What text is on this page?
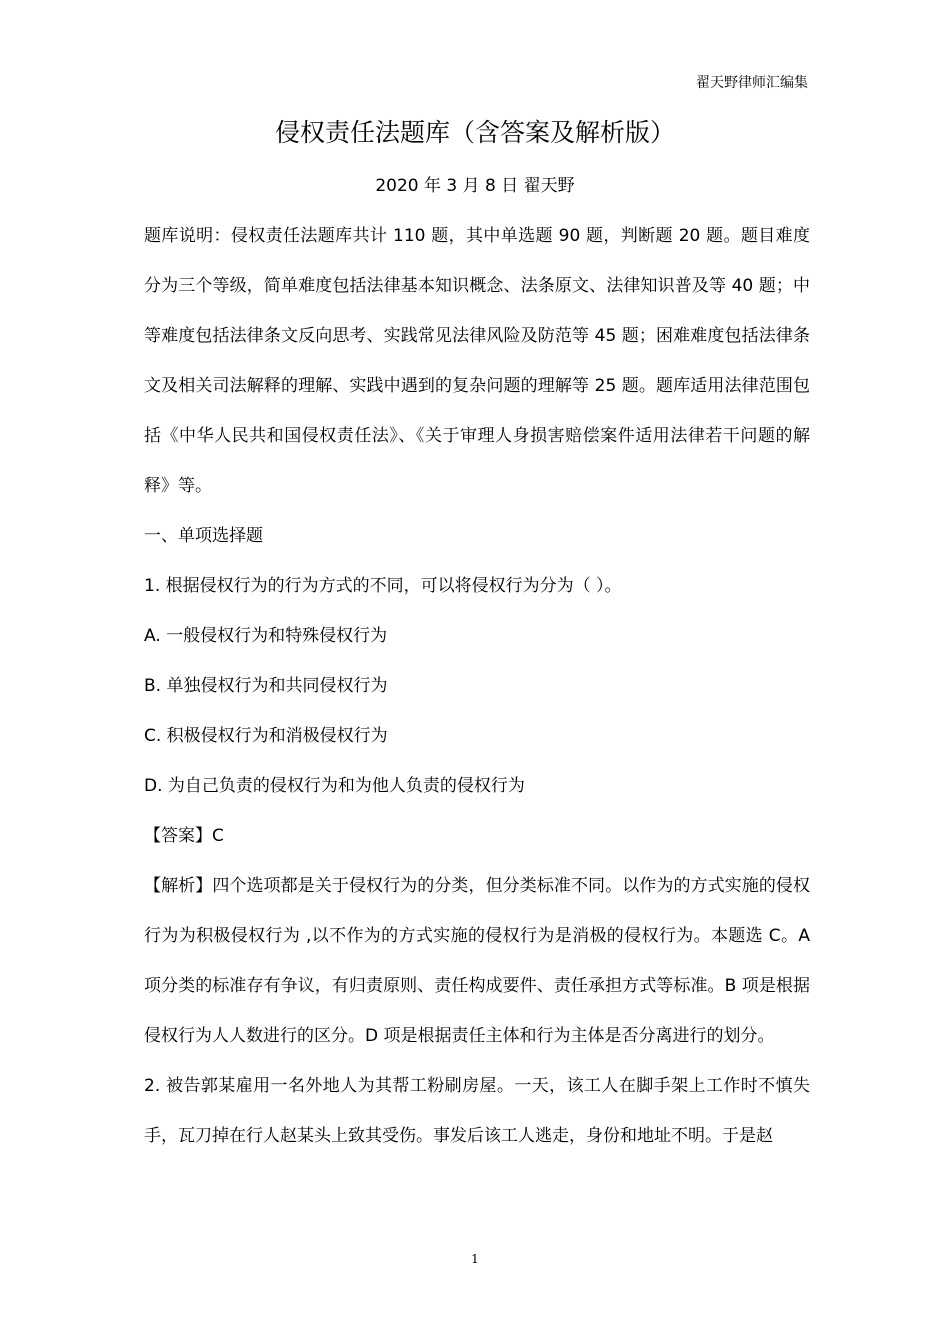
翟天野律师汇编集
侵权责任法题库（含答案及解析版）
2020 年 3 月 8 日 翟天野

题库说明：侵权责任法题库共计 110 题，其中单选题 90 题，判断题 20 题。题目难度分为三个等级，简单难度包括法律基本知识概念、法条原文、法律知识普及等 40 题；中等难度包括法律条文反向思考、实践常见法律风险及防范等 45 题；困难难度包括法律条文及相关司法解释的理解、实践中遇到的复杂问题的理解等 25 题。题库适用法律范围包括《中华人民共和国侵权责任法》、《关于审理人身损害赔偿案件适用法律若干问题的解释》等。

一、单项选择题

1. 根据侵权行为的行为方式的不同，可以将侵权行为分为（ ）。

A. 一般侵权行为和特殊侵权行为

B. 单独侵权行为和共同侵权行为

C. 积极侵权行为和消极侵权行为

D. 为自己负责的侵权行为和为他人负责的侵权行为

【答案】C

【解析】四个选项都是关于侵权行为的分类，但分类标准不同。以作为的方式实施的侵权行为为积极侵权行为 ,以不作为的方式实施的侵权行为是消极的侵权行为。本题选 C。A 项分类的标准存有争议，有归责原则、责任构成要件、责任承担方式等标准。B 项是根据侵权行为人人数进行的区分。D 项是根据责任主体和行为主体是否分离进行的划分。

2. 被告郭某雇用一名外地人为其帮工粉刷房屋。一天，该工人在脚手架上工作时不慎失手，瓦刀掉在行人赵某头上致其受伤。事发后该工人逃走，身份和地址不明。于是赵

1
